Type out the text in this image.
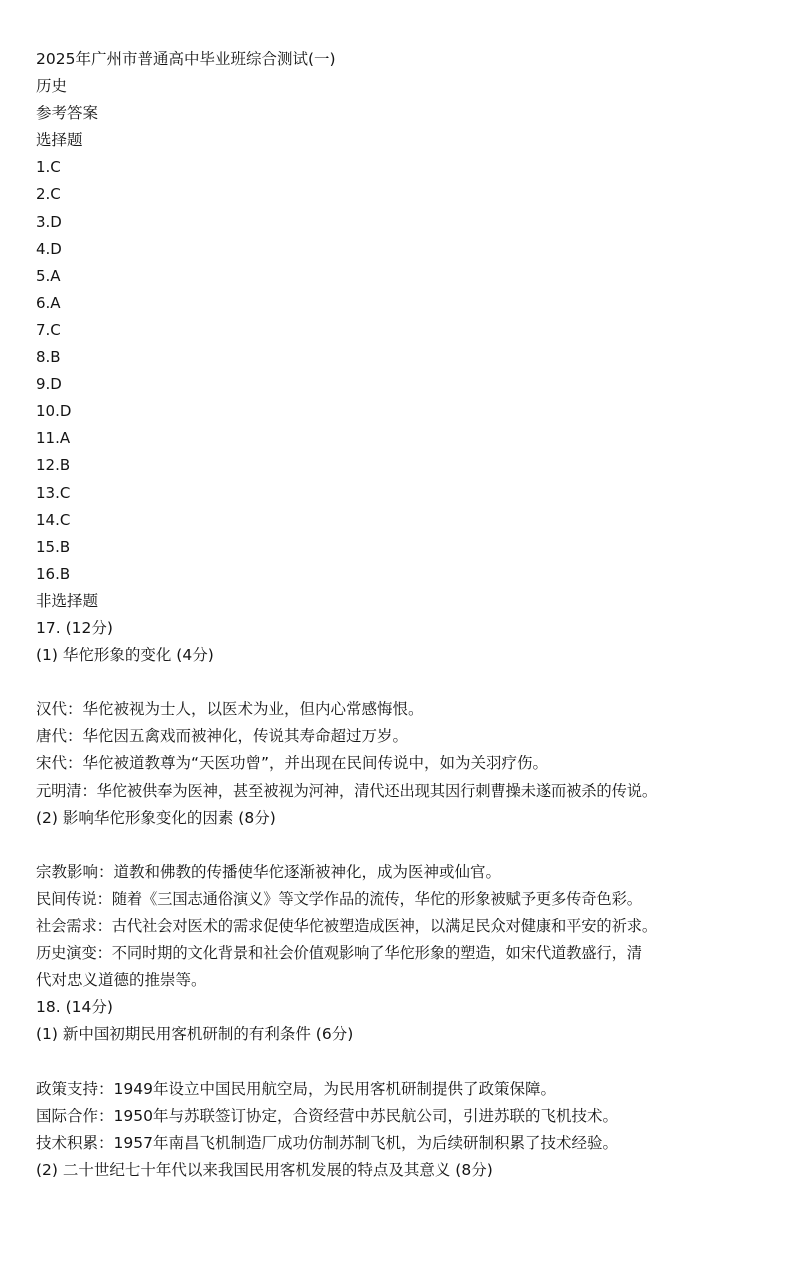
2025年广州市普通高中毕业班综合测试(一)
历史
参考答案
选择题
1.C
2.C
3.D
4.D
5.A
6.A
7.C
8.B
9.D
10.D
11.A
12.B
13.C
14.C
15.B
16.B
非选择题
17. (12分)
(1) 华佗形象的变化 (4分)
汉代：华佗被视为士人，以医术为业，但内心常感悔恨。
唐代：华佗因五禽戏而被神化，传说其寿命超过万岁。
宋代：华佗被道教尊为“天医功曾”，并出现在民间传说中，如为关羽疗伤。
元明清：华佗被供奉为医神，甚至被视为河神，清代还出现其因行刺曹操未遂而被杀的传说。
(2) 影响华佗形象变化的因素 (8分)
宗教影响：道教和佛教的传播使华佗逐渐被神化，成为医神或仙官。
民间传说：随着《三国志通俗演义》等文学作品的流传，华佗的形象被赋予更多传奇色彩。
社会需求：古代社会对医术的需求促使华佗被塑造成医神，以满足民众对健康和平安的祈求。
历史演变：不同时期的文化背景和社会价值观影响了华佗形象的塑造，如宋代道教盛行，清
代对忠义道德的推崇等。
18. (14分)
(1) 新中国初期民用客机研制的有利条件 (6分)
政策支持：1949年设立中国民用航空局，为民用客机研制提供了政策保障。
国际合作：1950年与苏联签订协定，合资经营中苏民航公司，引进苏联的飞机技术。
技术积累：1957年南昌飞机制造厂成功仿制苏制飞机，为后续研制积累了技术经验。
(2) 二十世纪七十年代以来我国民用客机发展的特点及其意义 (8分)
